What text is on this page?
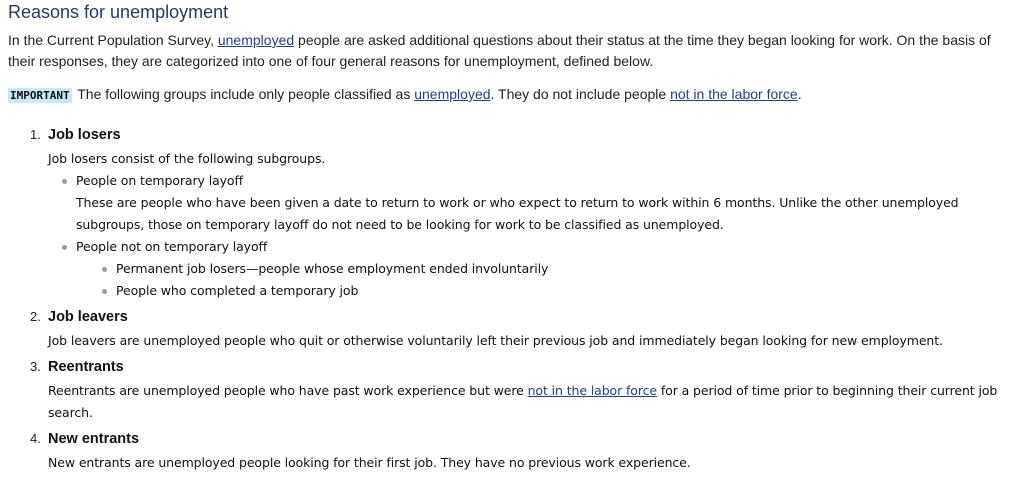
Reasons for unemployment

In the Current Population Survey, unemployed people are asked additional questions about their status at the time they began looking for work. On the basis of their responses, they are categorized into one of four general reasons for unemployment, defined below.

IMPORTANT The following groups include only people classified as unemployed. They do not include people not in the labor force.

1. Job losers
Job losers consist of the following subgroups.
People on temporary layoff
These are people who have been given a date to return to work or who expect to return to work within 6 months. Unlike the other unemployed subgroups, those on temporary layoff do not need to be looking for work to be classified as unemployed.
People not on temporary layoff
Permanent job losers—people whose employment ended involuntarily
People who completed a temporary job
2. Job leavers
Job leavers are unemployed people who quit or otherwise voluntarily left their previous job and immediately began looking for new employment.
3. Reentrants
Reentrants are unemployed people who have past work experience but were not in the labor force for a period of time prior to beginning their current job search.
4. New entrants
New entrants are unemployed people looking for their first job. They have no previous work experience.
